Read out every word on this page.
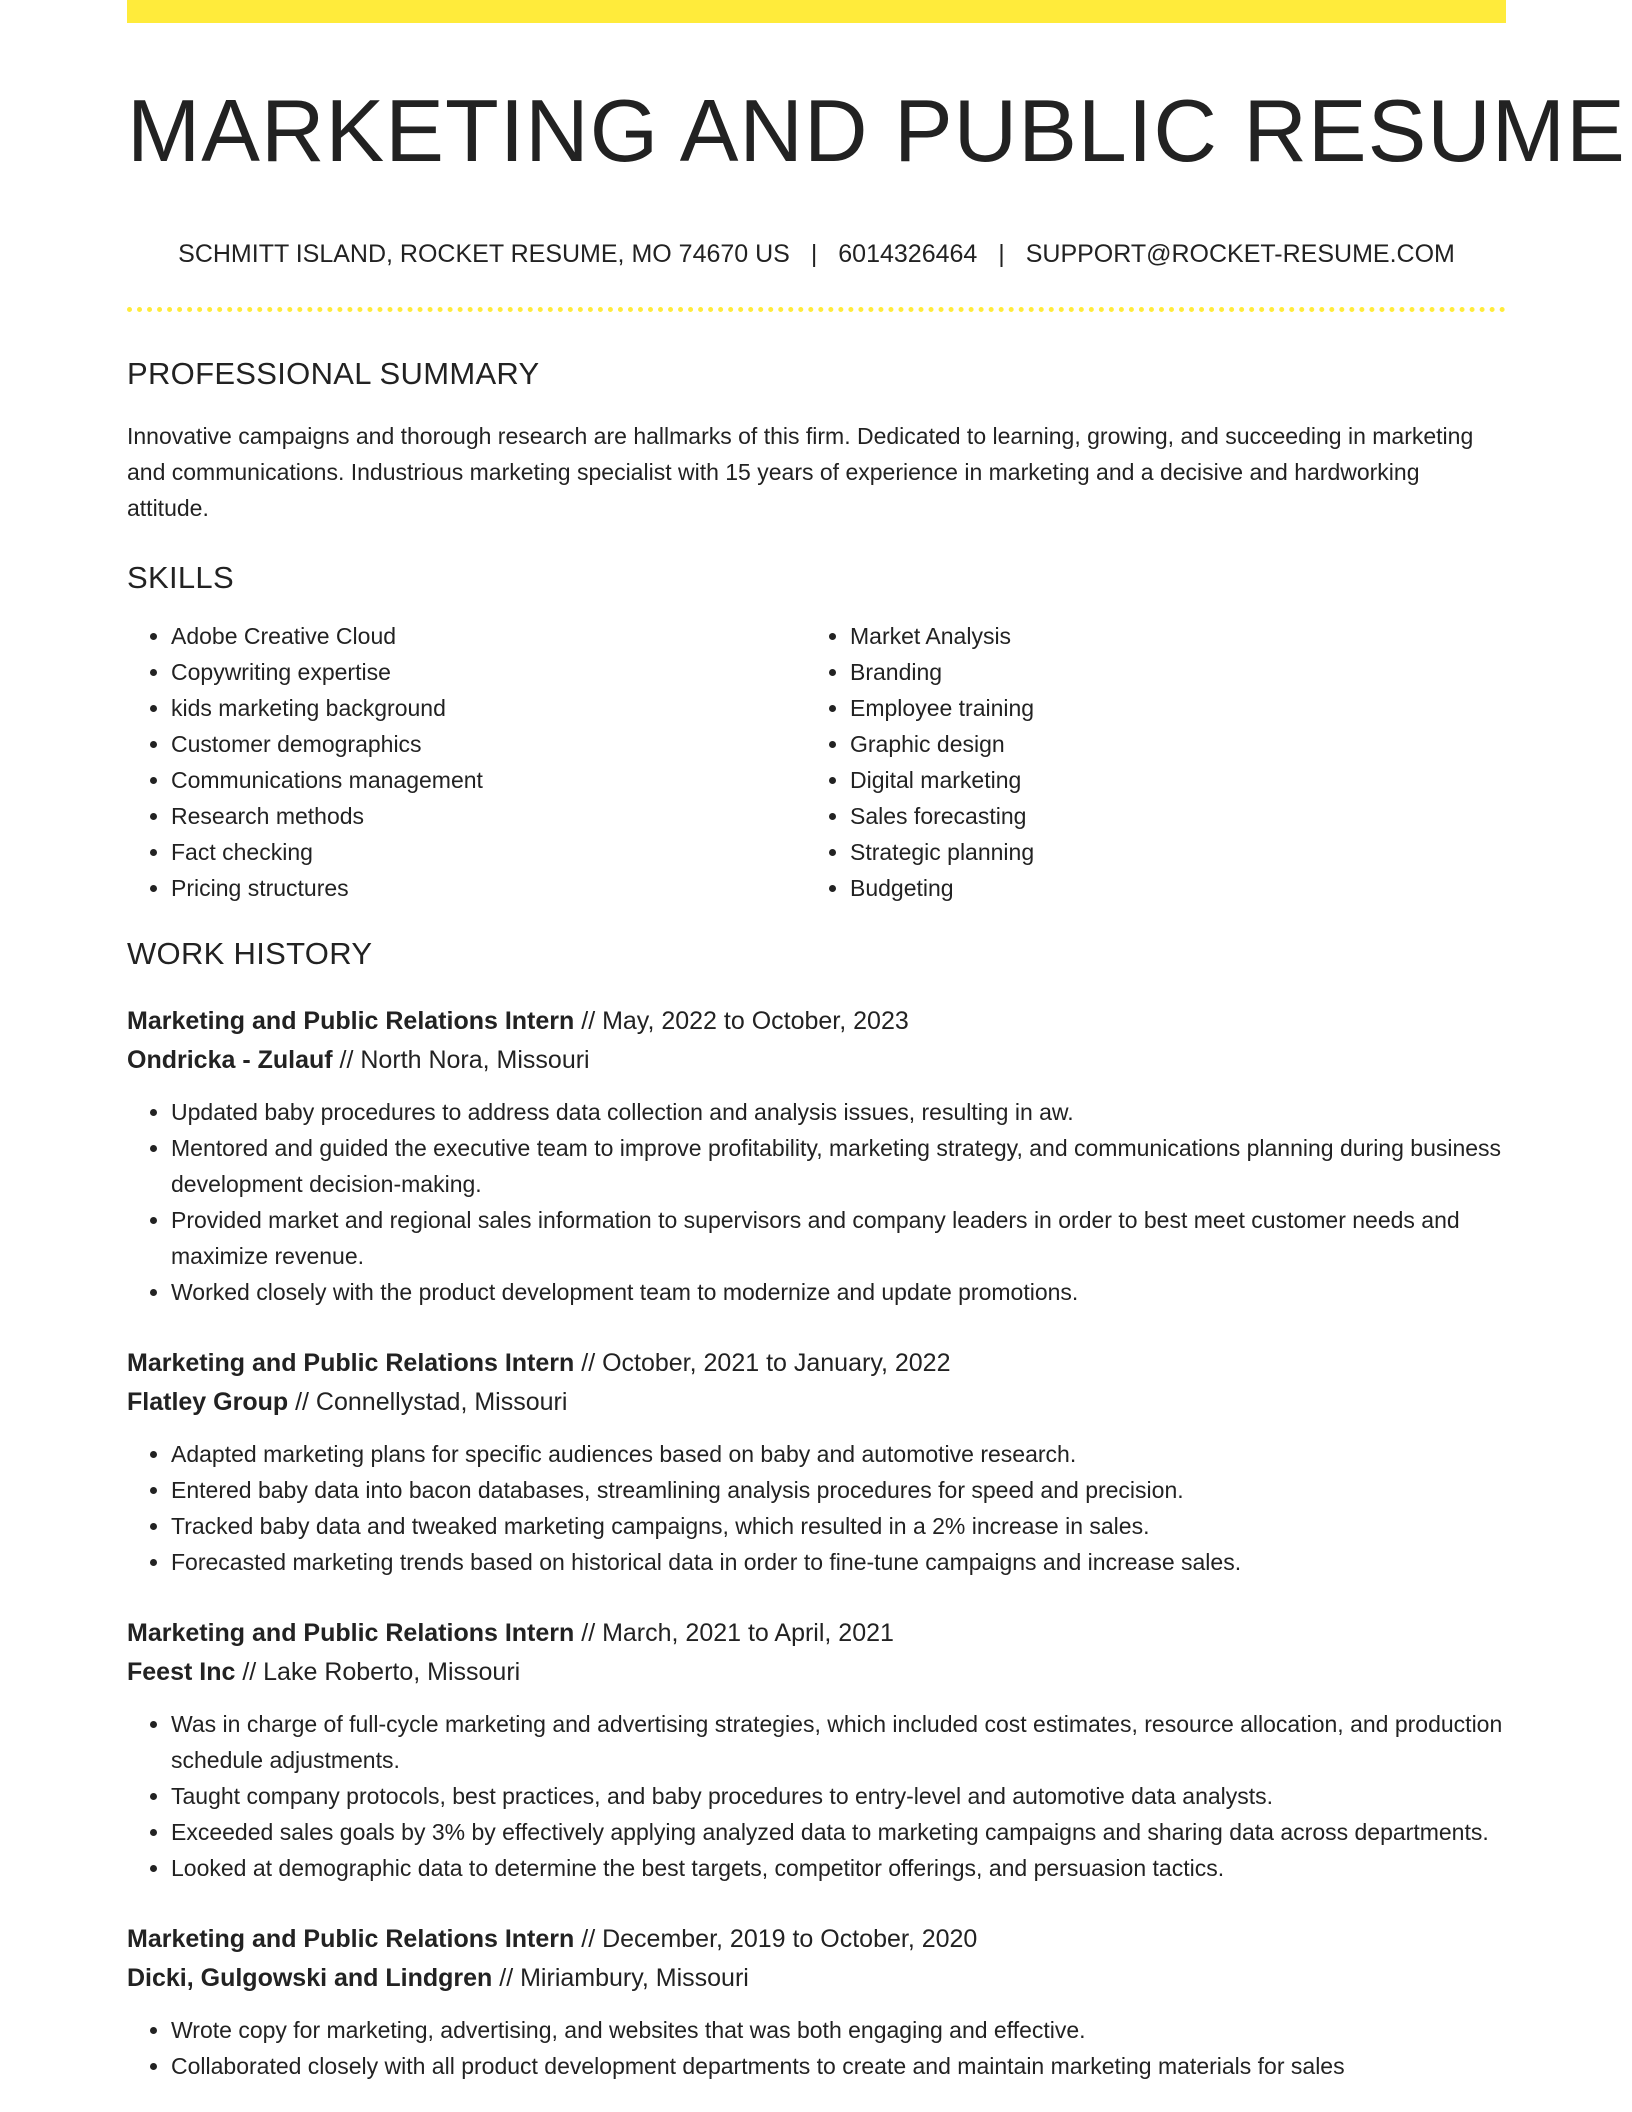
MARKETING AND PUBLIC RESUME
SCHMITT ISLAND, ROCKET RESUME, MO 74670 US | 6014326464 | SUPPORT@ROCKET-RESUME.COM
PROFESSIONAL SUMMARY
Innovative campaigns and thorough research are hallmarks of this firm. Dedicated to learning, growing, and succeeding in marketing and communications. Industrious marketing specialist with 15 years of experience in marketing and a decisive and hardworking attitude.
SKILLS
• Adobe Creative Cloud
• Copywriting expertise
• kids marketing background
• Customer demographics
• Communications management
• Research methods
• Fact checking
• Pricing structures
• Market Analysis
• Branding
• Employee training
• Graphic design
• Digital marketing
• Sales forecasting
• Strategic planning
• Budgeting
WORK HISTORY
Marketing and Public Relations Intern // May, 2022 to October, 2023
Ondricka - Zulauf // North Nora, Missouri
• Updated baby procedures to address data collection and analysis issues, resulting in aw.
• Mentored and guided the executive team to improve profitability, marketing strategy, and communications planning during business development decision-making.
• Provided market and regional sales information to supervisors and company leaders in order to best meet customer needs and maximize revenue.
• Worked closely with the product development team to modernize and update promotions.
Marketing and Public Relations Intern // October, 2021 to January, 2022
Flatley Group // Connellystad, Missouri
• Adapted marketing plans for specific audiences based on baby and automotive research.
• Entered baby data into bacon databases, streamlining analysis procedures for speed and precision.
• Tracked baby data and tweaked marketing campaigns, which resulted in a 2% increase in sales.
• Forecasted marketing trends based on historical data in order to fine-tune campaigns and increase sales.
Marketing and Public Relations Intern // March, 2021 to April, 2021
Feest Inc // Lake Roberto, Missouri
• Was in charge of full-cycle marketing and advertising strategies, which included cost estimates, resource allocation, and production schedule adjustments.
• Taught company protocols, best practices, and baby procedures to entry-level and automotive data analysts.
• Exceeded sales goals by 3% by effectively applying analyzed data to marketing campaigns and sharing data across departments.
• Looked at demographic data to determine the best targets, competitor offerings, and persuasion tactics.
Marketing and Public Relations Intern // December, 2019 to October, 2020
Dicki, Gulgowski and Lindgren // Miriambury, Missouri
• Wrote copy for marketing, advertising, and websites that was both engaging and effective.
• Collaborated closely with all product development departments to create and maintain marketing materials for sales
